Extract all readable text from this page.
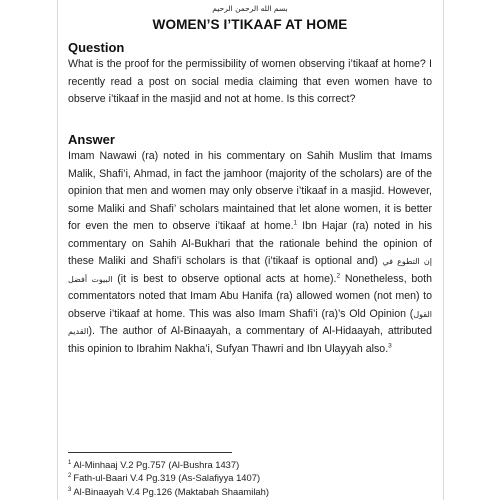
بسم الله الرحمن الرحيم
WOMEN’S I’TIKAAF AT HOME
Question
What is the proof for the permissibility of women observing i’tikaaf at home? I recently read a post on social media claiming that even women have to observe i’tikaaf in the masjid and not at home. Is this correct?
Answer
Imam Nawawi (ra) noted in his commentary on Sahih Muslim that Imams Malik, Shafi’i, Ahmad, in fact the jamhoor (majority of the scholars) are of the opinion that men and women may only observe i’tikaaf in a masjid. However, some Maliki and Shafi’ scholars maintained that let alone women, it is better for even the men to observe i’tikaaf at home.$^1$ Ibn Hajar (ra) noted in his commentary on Sahih Al-Bukhari that the rationale behind the opinion of these Maliki and Shafi’i scholars is that (i’tikaaf is optional and) إن التطوع في البيوت أفضل (it is best to observe optional acts at home).$^2$ Nonetheless, both commentators noted that Imam Abu Hanifa (ra) allowed women (not men) to observe i’tikaaf at home. This was also Imam Shafi’i (ra)’s Old Opinion (القول القديم). The author of Al-Binaayah, a commentary of Al-Hidaayah, attributed this opinion to Ibrahim Nakha’i, Sufyan Thawri and Ibn Ulayyah also.$^3$
$^1$ Al-Minhaaj V.2 Pg.757 (Al-Bushra 1437)
$^2$ Fath-ul-Baari V.4 Pg.319 (As-Salafiyya 1407)
$^3$ Al-Binaayah V.4 Pg.126 (Maktabah Shaamilah)
